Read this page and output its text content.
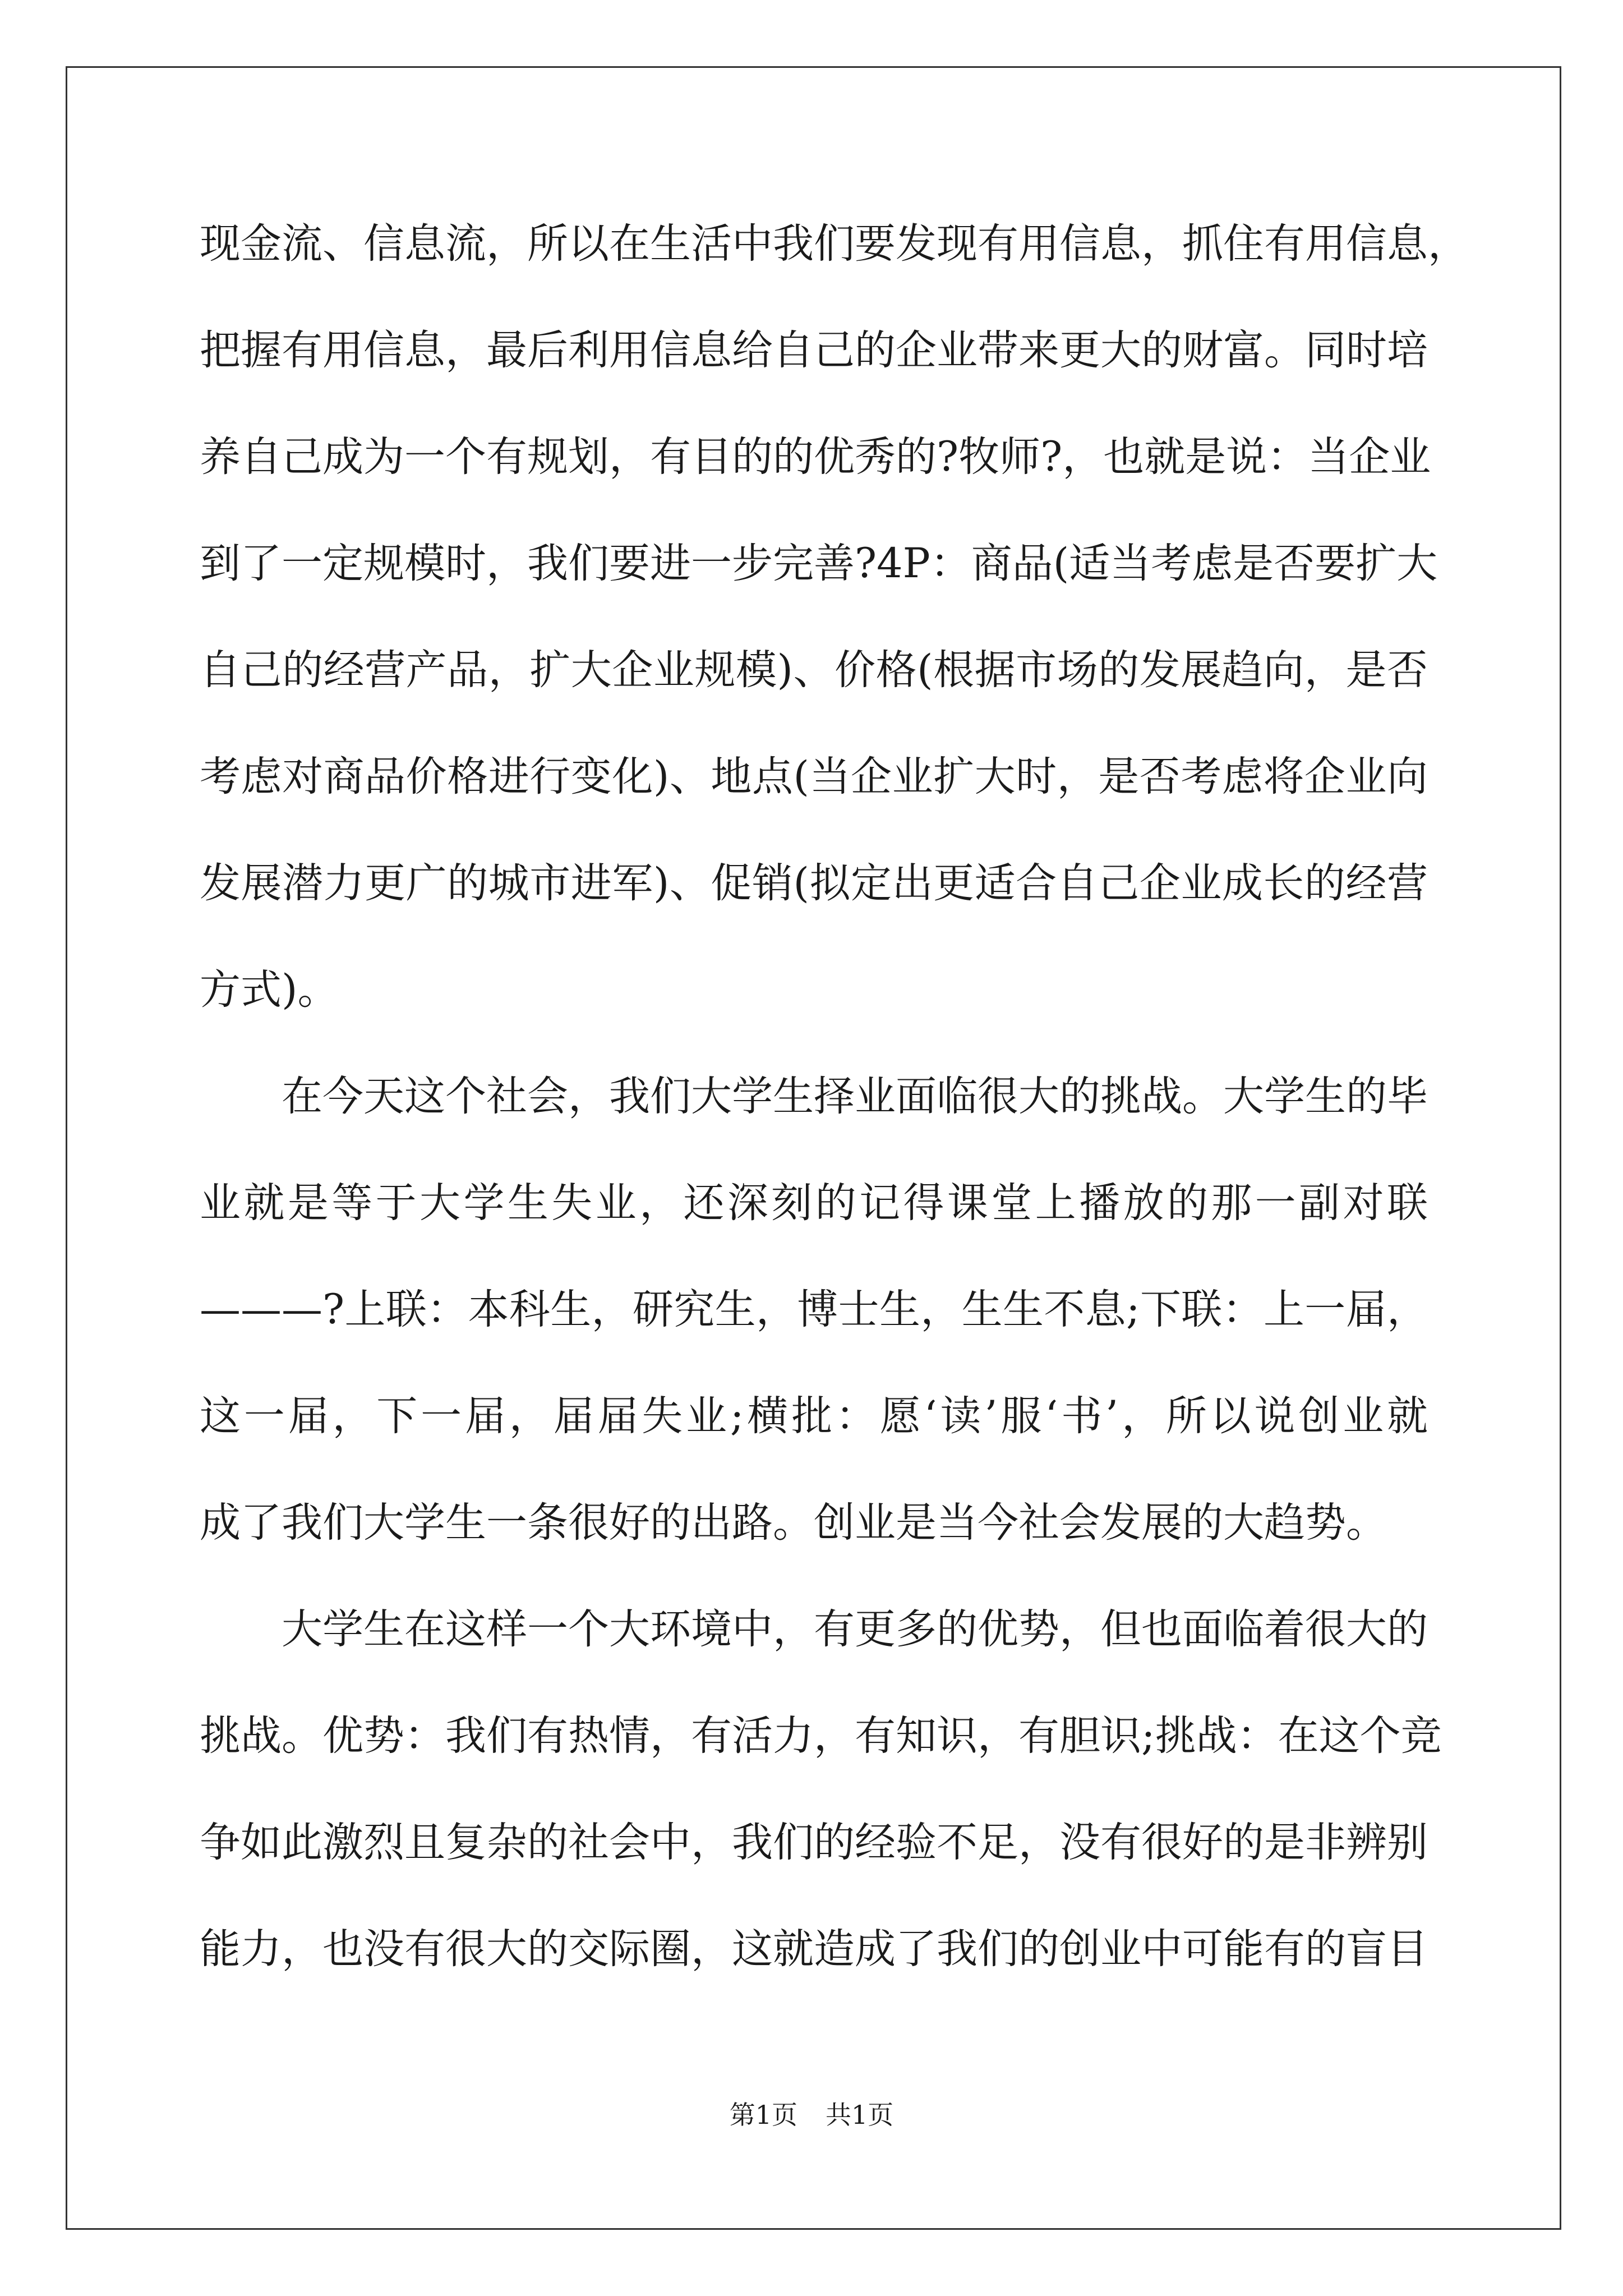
现金流、信息流，所以在生活中我们要发现有用信息，抓住有用信息，
把握有用信息，最后利用信息给自己的企业带来更大的财富。同时培
养自己成为一个有规划，有目的的优秀的?牧师?，也就是说：当企业
到了一定规模时，我们要进一步完善?4P：商品(适当考虑是否要扩大
自己的经营产品，扩大企业规模)、价格(根据市场的发展趋向，是否
考虑对商品价格进行变化)、地点(当企业扩大时，是否考虑将企业向
发展潜力更广的城市进军)、促销(拟定出更适合自己企业成长的经营
方式)。
在今天这个社会，我们大学生择业面临很大的挑战。大学生的毕
业就是等于大学生失业，还深刻的记得课堂上播放的那一副对联
———?上联：本科生，研究生，博士生，生生不息;下联：上一届，
这一届，下一届，届届失业;横批：愿‘读’服‘书’，所以说创业就
成了我们大学生一条很好的出路。创业是当今社会发展的大趋势。
大学生在这样一个大环境中，有更多的优势，但也面临着很大的
挑战。优势：我们有热情，有活力，有知识，有胆识;挑战：在这个竞
争如此激烈且复杂的社会中，我们的经验不足，没有很好的是非辨别
能力，也没有很大的交际圈，这就造成了我们的创业中可能有的盲目
第1页 共1页
